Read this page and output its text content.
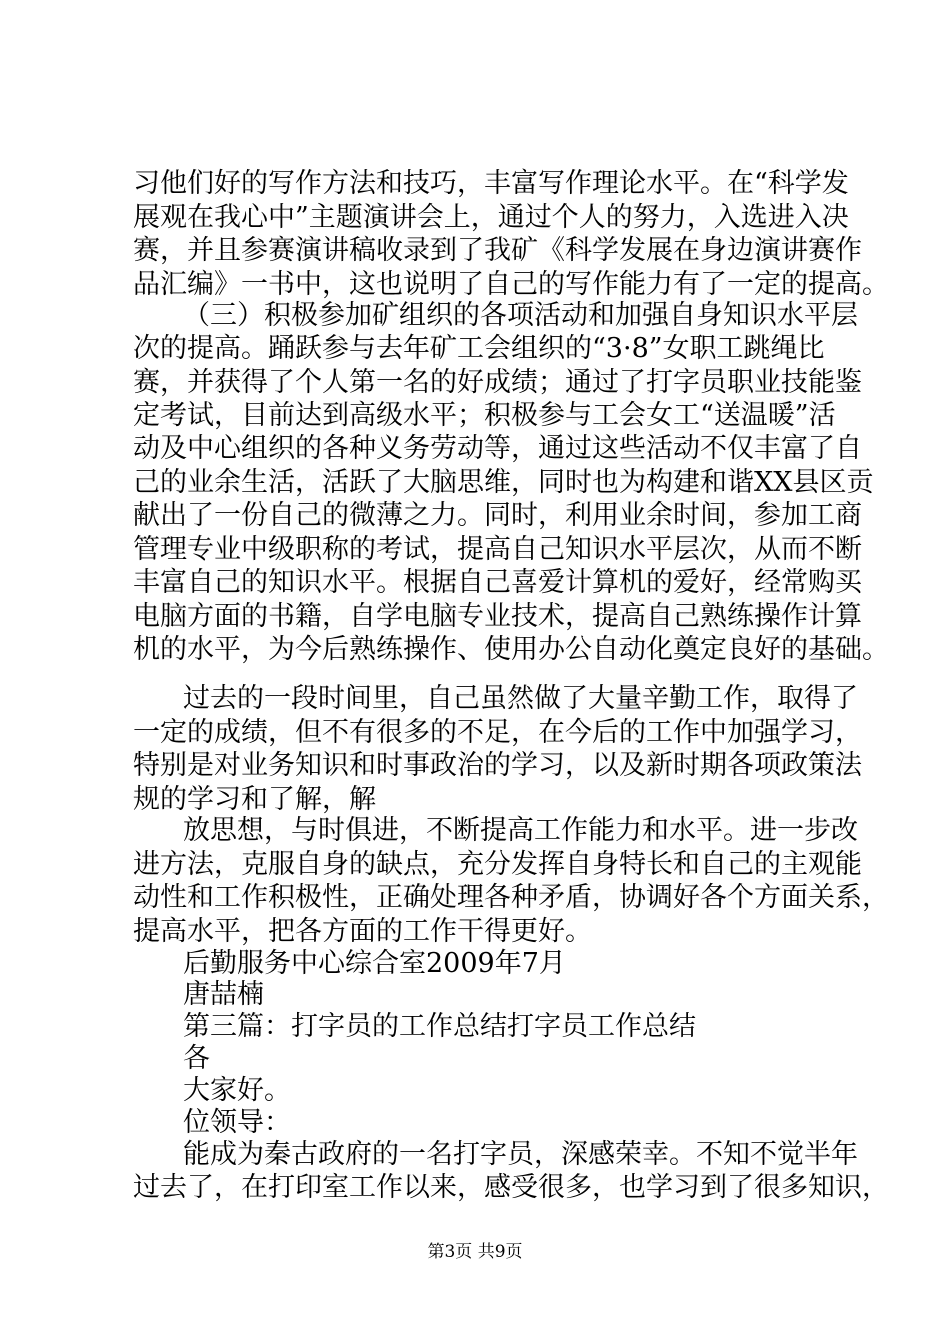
习他们好的写作方法和技巧，丰富写作理论水平。在“科学发
展观在我心中”主题演讲会上，通过个人的努力，入选进入决
赛，并且参赛演讲稿收录到了我矿《科学发展在身边演讲赛作
品汇编》一书中，这也说明了自己的写作能力有了一定的提高。
（三）积极参加矿组织的各项活动和加强自身知识水平层
次的提高。踊跃参与去年矿工会组织的“3·8”女职工跳绳比
赛，并获得了个人第一名的好成绩；通过了打字员职业技能鉴
定考试，目前达到高级水平；积极参与工会女工“送温暖”活
动及中心组织的各种义务劳动等，通过这些活动不仅丰富了自
己的业余生活，活跃了大脑思维，同时也为构建和谐XX县区贡
献出了一份自己的微薄之力。同时，利用业余时间，参加工商
管理专业中级职称的考试，提高自己知识水平层次，从而不断
丰富自己的知识水平。根据自己喜爱计算机的爱好，经常购买
电脑方面的书籍，自学电脑专业技术，提高自己熟练操作计算
机的水平，为今后熟练操作、使用办公自动化奠定良好的基础。
过去的一段时间里，自己虽然做了大量辛勤工作，取得了
一定的成绩，但不有很多的不足，在今后的工作中加强学习，
特别是对业务知识和时事政治的学习，以及新时期各项政策法
规的学习和了解，解
放思想，与时俱进，不断提高工作能力和水平。进一步改
进方法，克服自身的缺点，充分发挥自身特长和自己的主观能
动性和工作积极性，正确处理各种矛盾，协调好各个方面关系，
提高水平，把各方面的工作干得更好。
后勤服务中心综合室2009年7月
唐喆楠
第三篇：打字员的工作总结打字员工作总结
各
大家好。
位领导：
能成为秦古政府的一名打字员，深感荣幸。不知不觉半年
过去了，在打印室工作以来，感受很多，也学习到了很多知识，
第3页 共9页
